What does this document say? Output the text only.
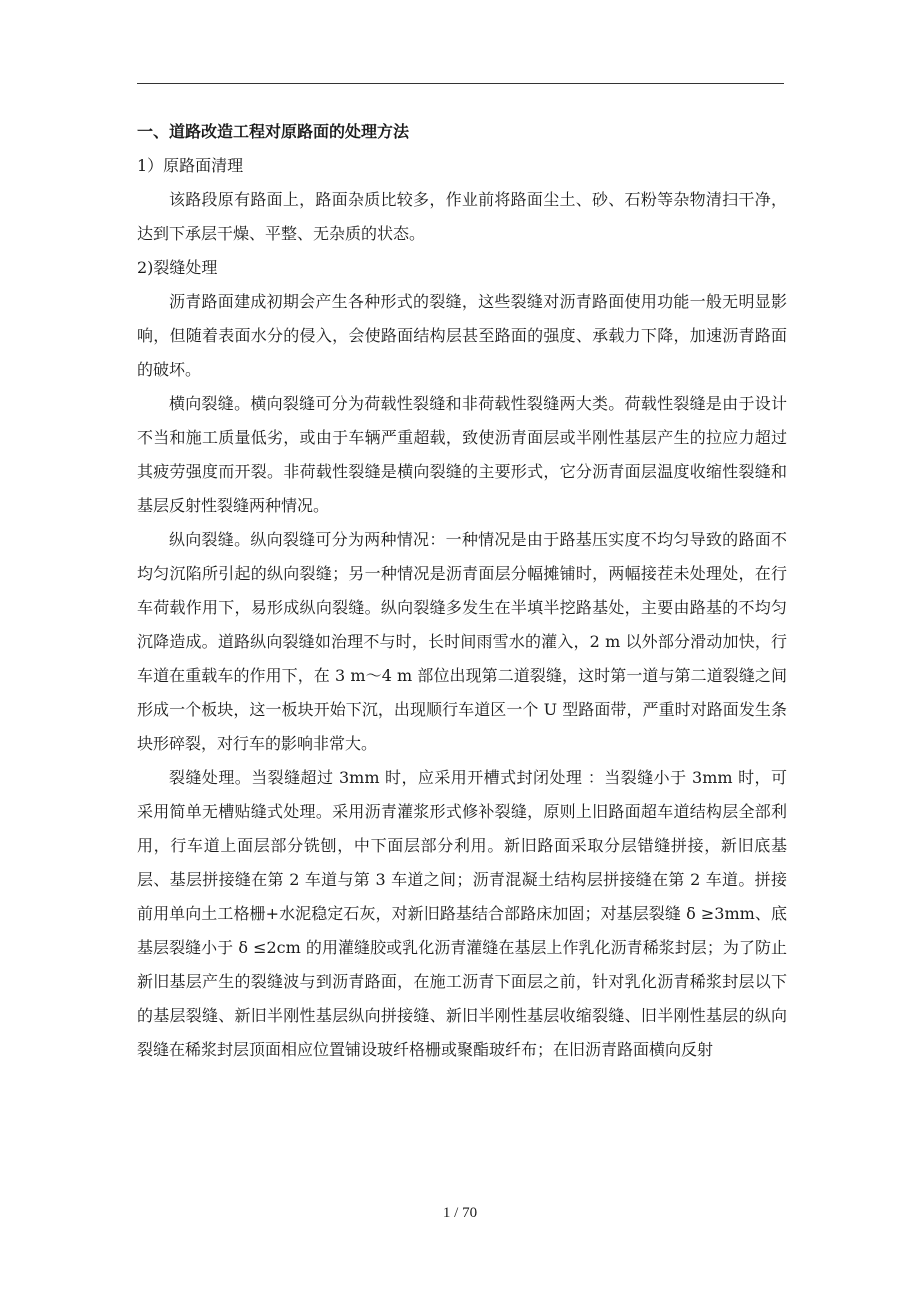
一、道路改造工程对原路面的处理方法

1）原路面清理

该路段原有路面上，路面杂质比较多，作业前将路面尘土、砂、石粉等杂物清扫干净，达到下承层干燥、平整、无杂质的状态。

2)裂缝处理

沥青路面建成初期会产生各种形式的裂缝，这些裂缝对沥青路面使用功能一般无明显影响，但随着表面水分的侵入，会使路面结构层甚至路面的强度、承载力下降，加速沥青路面的破坏。

横向裂缝。横向裂缝可分为荷载性裂缝和非荷载性裂缝两大类。荷载性裂缝是由于设计不当和施工质量低劣，或由于车辆严重超载，致使沥青面层或半刚性基层产生的拉应力超过其疲劳强度而开裂。非荷载性裂缝是横向裂缝的主要形式，它分沥青面层温度收缩性裂缝和基层反射性裂缝两种情况。

纵向裂缝。纵向裂缝可分为两种情况：一种情况是由于路基压实度不均匀导致的路面不均匀沉陷所引起的纵向裂缝；另一种情况是沥青面层分幅摊铺时，两幅接茬未处理处，在行车荷载作用下，易形成纵向裂缝。纵向裂缝多发生在半填半挖路基处，主要由路基的不均匀沉降造成。道路纵向裂缝如治理不与时，长时间雨雪水的灌入，2 m 以外部分滑动加快，行车道在重载车的作用下，在 3 m～4 m 部位出现第二道裂缝，这时第一道与第二道裂缝之间形成一个板块，这一板块开始下沉，出现顺行车道区一个 U 型路面带，严重时对路面发生条块形碎裂，对行车的影响非常大。

裂缝处理。当裂缝超过 3mm 时，应采用开槽式封闭处理 ：当裂缝小于 3mm 时，可采用简单无槽贴缝式处理。采用沥青灌浆形式修补裂缝，原则上旧路面超车道结构层全部利用，行车道上面层部分铣刨，中下面层部分利用。新旧路面采取分层错缝拼接，新旧底基层、基层拼接缝在第 2 车道与第 3 车道之间；沥青混凝土结构层拼接缝在第 2 车道。拼接前用单向土工格栅+水泥稳定石灰，对新旧路基结合部路床加固；对基层裂缝 δ ≥3mm、底基层裂缝小于 δ ≤2cm 的用灌缝胶或乳化沥青灌缝在基层上作乳化沥青稀浆封层；为了防止新旧基层产生的裂缝波与到沥青路面，在施工沥青下面层之前，针对乳化沥青稀浆封层以下的基层裂缝、新旧半刚性基层纵向拼接缝、新旧半刚性基层收缩裂缝、旧半刚性基层的纵向裂缝在稀浆封层顶面相应位置铺设玻纤格栅或聚酯玻纤布；在旧沥青路面横向反射

1 / 70
